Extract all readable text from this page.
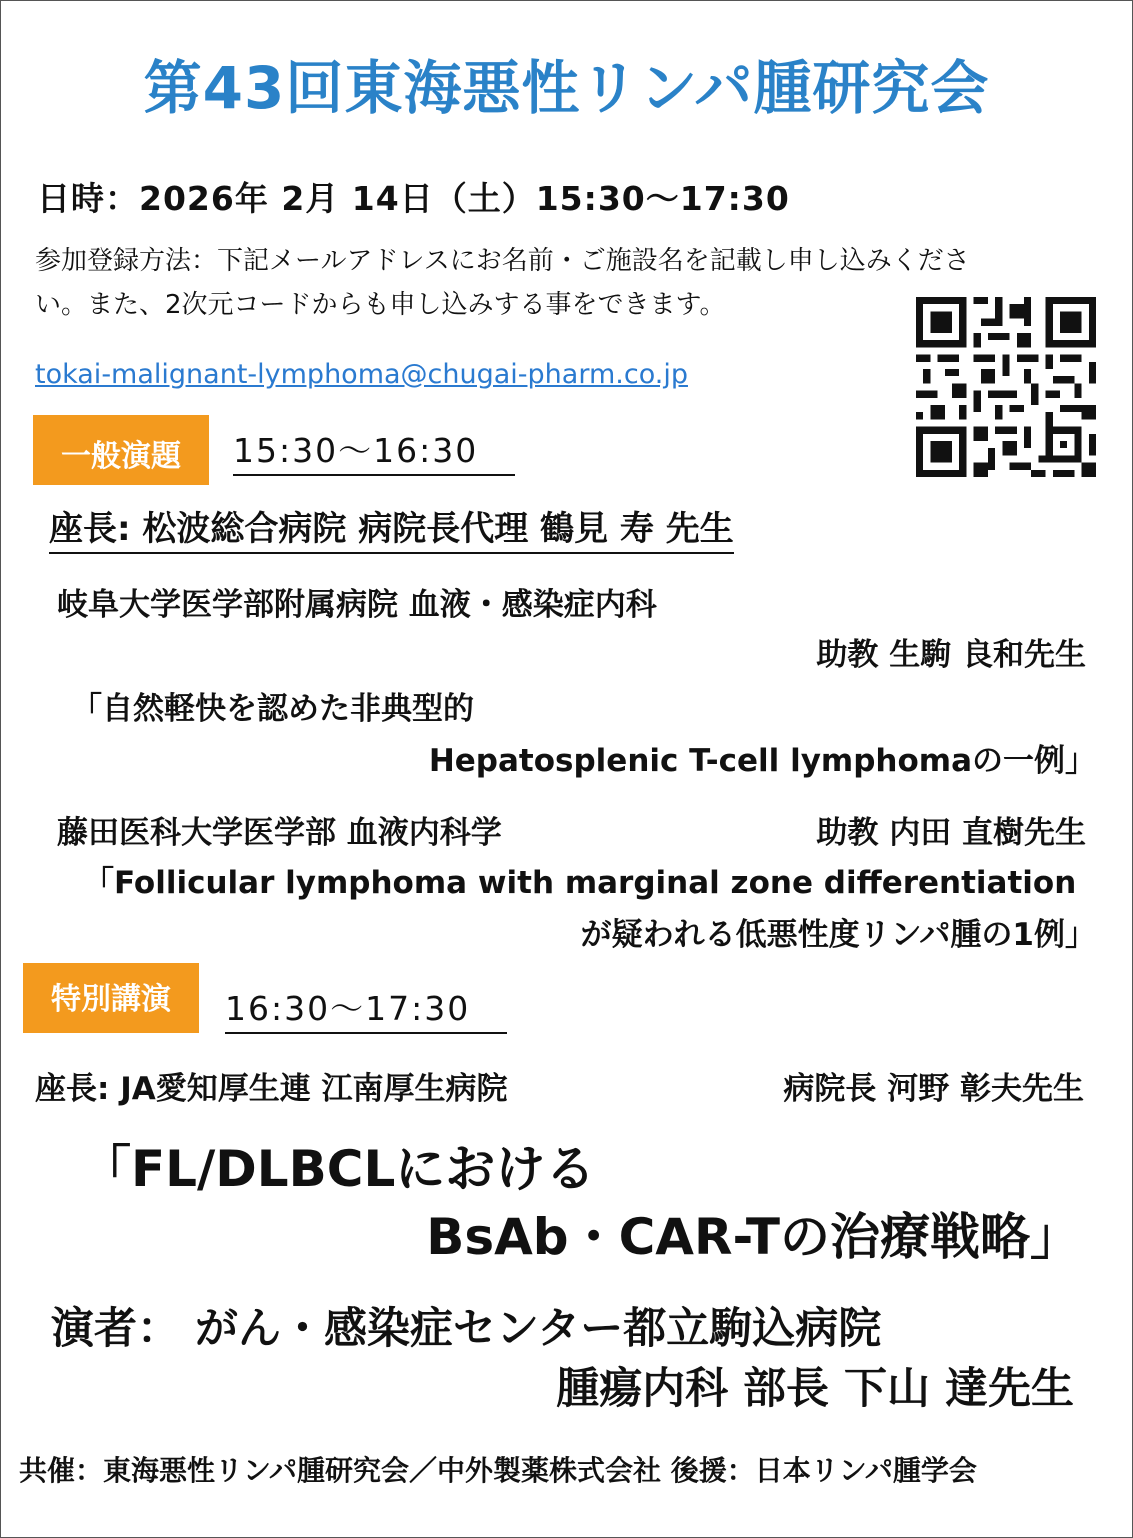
第43回東海悪性リンパ腫研究会
日時：2026年 2月 14日（土）15:30～17:30
参加登録方法：下記メールアドレスにお名前・ご施設名を記載し申し込みくださ
い。また、2次元コードからも申し込みする事をできます。
tokai-malignant-lymphoma@chugai-pharm.co.jp
一般演題	15:30～16:30
座長: 松波総合病院 病院長代理 鶴見 寿 先生
岐阜大学医学部附属病院 血液・感染症内科
助教 生駒 良和先生
「自然軽快を認めた非典型的
Hepatosplenic T-cell lymphomaの一例」
藤田医科大学医学部 血液内科学	助教 内田 直樹先生
「Follicular lymphoma with marginal zone differentiation
が疑われる低悪性度リンパ腫の1例」
特別講演	16:30～17:30
座長: JA愛知厚生連 江南厚生病院	病院長 河野 彰夫先生
「FL/DLBCLにおける
BsAb・CAR-Tの治療戦略」
演者： がん・感染症センター都立駒込病院
腫瘍内科 部長 下山 達先生
共催：東海悪性リンパ腫研究会／中外製薬株式会社 後援：日本リンパ腫学会
